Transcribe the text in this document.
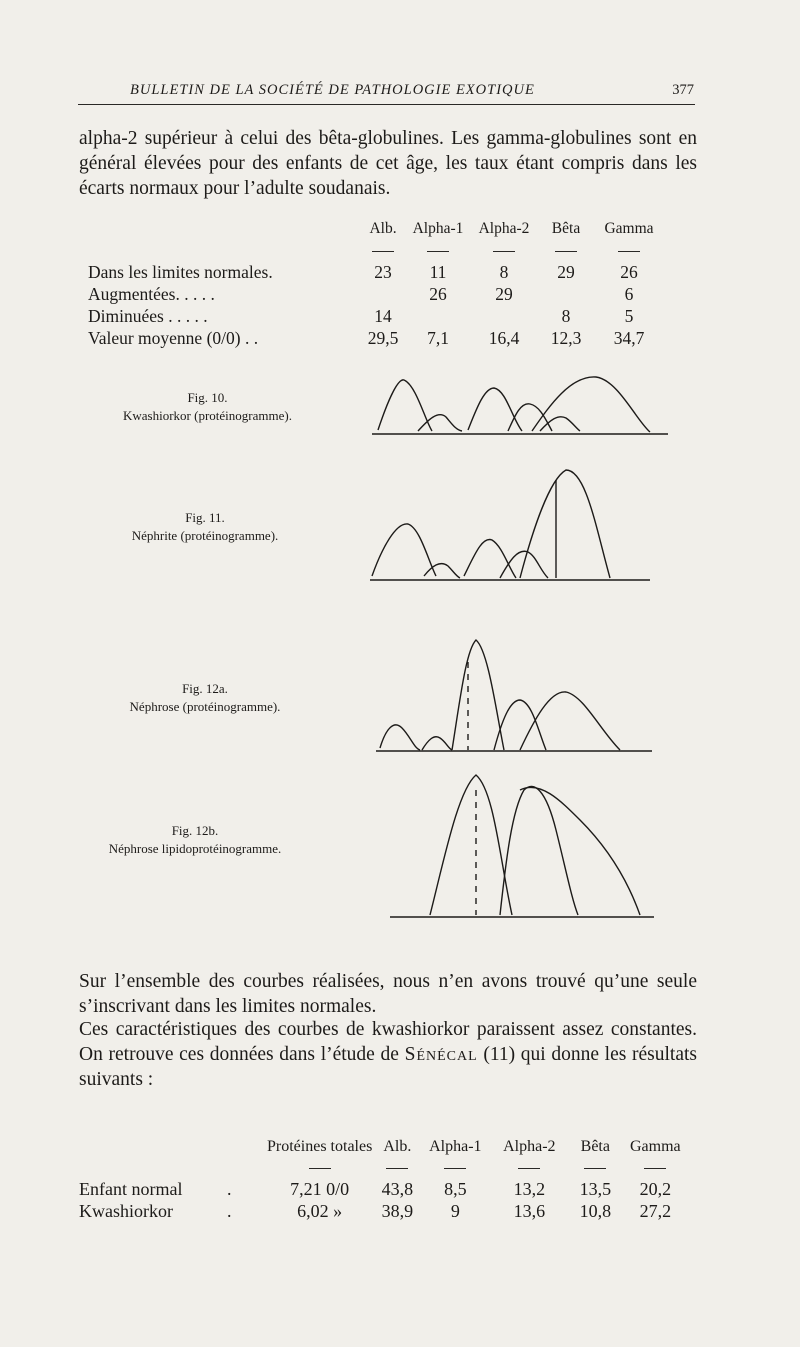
BULLETIN DE LA SOCIÉTÉ DE PATHOLOGIE EXOTIQUE	377

alpha-2 supérieur à celui des bêta-globulines. Les gamma-globulines sont en général élevées pour des enfants de cet âge, les taux étant compris dans les écarts normaux pour l’adulte soudanais.

	Alb.	Alpha-1	Alpha-2	Bêta	Gamma

Dans les limites normales.	23	11	8	29	26
Augmentées. . . . .		26	29		6
Diminuées . . . . .	14			8	5
Valeur moyenne (0/0) . .	29,5	7,1	16,4	12,3	34,7
Fig. 10.
Kwashiorkor (protéinogramme).
Fig. 11.
Néphrite (protéinogramme).
Fig. 12a.
Néphrose (protéinogramme).
Fig. 12b.
Néphrose lipidoprotéinogramme.

Sur l’ensemble des courbes réalisées, nous n’en avons trouvé qu’une seule s’inscrivant dans les limites normales.

Ces caractéristiques des courbes de kwashiorkor paraissent assez constantes. On retrouve ces données dans l’étude de Sénécal (11) qui donne les résultats suivants :

		Protéines totales	Alb.	Alpha-1	Alpha-2	Bêta	Gamma

Enfant normal	.	7,21 0/0	43,8	8,5	13,2	13,5	20,2
Kwashiorkor	.	6,02 »	38,9	9	13,6	10,8	27,2
